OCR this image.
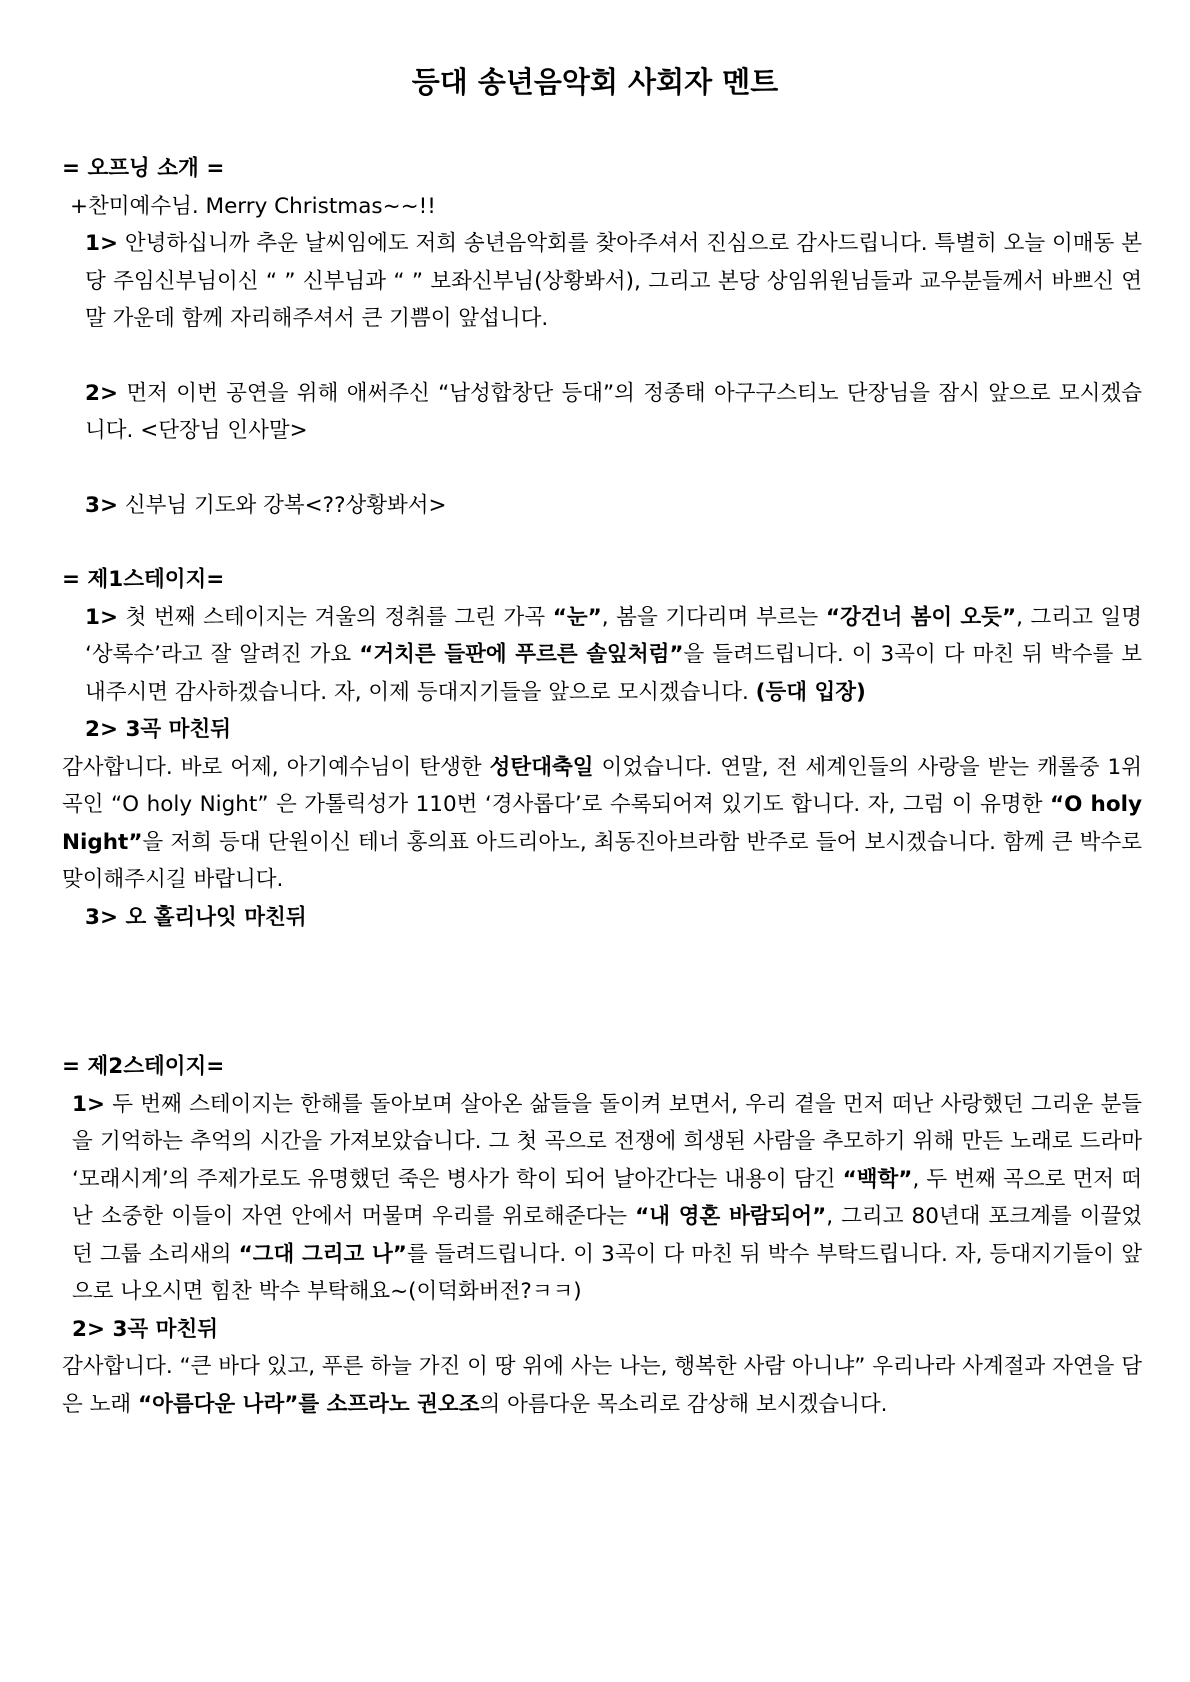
등대 송년음악회 사회자 멘트

= 오프닝 소개 =

+찬미예수님. Merry Christmas~~!!

1> 안녕하십니까 추운 날씨임에도 저희 송년음악회를 찾아주셔서 진심으로 감사드립니다. 특별히 오늘 이매동 본당 주임신부님이신 “ ” 신부님과 “ ” 보좌신부님(상황봐서), 그리고 본당 상임위원님들과 교우분들께서 바쁘신 연말 가운데 함께 자리해주셔서 큰 기쁨이 앞섭니다.

2> 먼저 이번 공연을 위해 애써주신 “남성합창단 등대”의 정종태 아구구스티노 단장님을 잠시 앞으로 모시겠습니다. <단장님 인사말>

3> 신부님 기도와 강복<??상황봐서>

= 제1스테이지=

1> 첫 번째 스테이지는 겨울의 정취를 그린 가곡 “눈”, 봄을 기다리며 부르는 “강건너 봄이 오듯”, 그리고 일명 ‘상록수’라고 잘 알려진 가요 “거치른 들판에 푸르른 솔잎처럼”을 들려드립니다. 이 3곡이 다 마친 뒤 박수를 보내주시면 감사하겠습니다. 자, 이제 등대지기들을 앞으로 모시겠습니다. (등대 입장)

2> 3곡 마친뒤

감사합니다. 바로 어제, 아기예수님이 탄생한 성탄대축일 이었습니다. 연말, 전 세계인들의 사랑을 받는 캐롤중 1위곡인 “O holy Night” 은 가톨릭성가 110번 ‘경사롭다’로 수록되어져 있기도 합니다. 자, 그럼 이 유명한 “O holy Night”을 저희 등대 단원이신 테너 홍의표 아드리아노, 최동진아브라함 반주로 들어 보시겠습니다. 함께 큰 박수로 맞이해주시길 바랍니다.

3> 오 홀리나잇 마친뒤

= 제2스테이지=

1> 두 번째 스테이지는 한해를 돌아보며 살아온 삶들을 돌이켜 보면서, 우리 곁을 먼저 떠난 사랑했던 그리운 분들을 기억하는 추억의 시간을 가져보았습니다. 그 첫 곡으로 전쟁에 희생된 사람을 추모하기 위해 만든 노래로 드라마 ‘모래시계’의 주제가로도 유명했던 죽은 병사가 학이 되어 날아간다는 내용이 담긴 “백학”, 두 번째 곡으로 먼저 떠난 소중한 이들이 자연 안에서 머물며 우리를 위로해준다는 “내 영혼 바람되어”, 그리고 80년대 포크계를 이끌었던 그룹 소리새의 “그대 그리고 나”를 들려드립니다. 이 3곡이 다 마친 뒤 박수 부탁드립니다. 자, 등대지기들이 앞으로 나오시면 힘찬 박수 부탁해요~(이덕화버전?ㅋㅋ)

2> 3곡 마친뒤

감사합니다. “큰 바다 있고, 푸른 하늘 가진 이 땅 위에 사는 나는, 행복한 사람 아니냐” 우리나라 사계절과 자연을 담은 노래 “아름다운 나라”를 소프라노 권오조의 아름다운 목소리로 감상해 보시겠습니다.
